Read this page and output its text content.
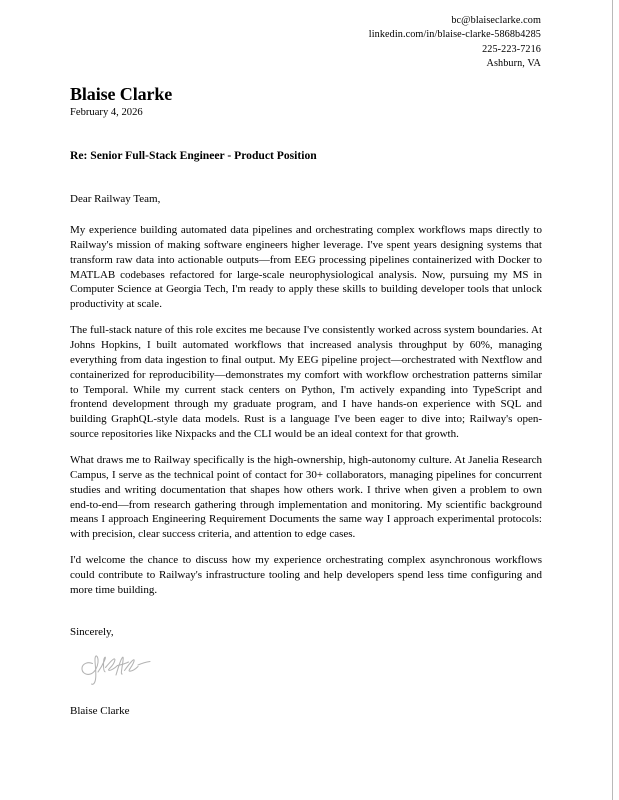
bc@blaiseclarke.com
linkedin.com/in/blaise-clarke-5868b4285
225-223-7216
Ashburn, VA
Blaise Clarke
February 4, 2026
Re: Senior Full-Stack Engineer - Product Position
Dear Railway Team,

My experience building automated data pipelines and orchestrating complex workflows maps directly to Railway's mission of making software engineers higher leverage. I've spent years designing systems that transform raw data into actionable outputs—from EEG processing pipelines containerized with Docker to MATLAB codebases refactored for large-scale neurophysiological analysis. Now, pursuing my MS in Computer Science at Georgia Tech, I'm ready to apply these skills to building developer tools that unlock productivity at scale.

The full-stack nature of this role excites me because I've consistently worked across system boundaries. At Johns Hopkins, I built automated workflows that increased analysis throughput by 60%, managing everything from data ingestion to final output. My EEG pipeline project—orchestrated with Nextflow and containerized for reproducibility—demonstrates my comfort with workflow orchestration patterns similar to Temporal. While my current stack centers on Python, I'm actively expanding into TypeScript and frontend development through my graduate program, and I have hands-on experience with SQL and building GraphQL-style data models. Rust is a language I've been eager to dive into; Railway's open-source repositories like Nixpacks and the CLI would be an ideal context for that growth.

What draws me to Railway specifically is the high-ownership, high-autonomy culture. At Janelia Research Campus, I serve as the technical point of contact for 30+ collaborators, managing pipelines for concurrent studies and writing documentation that shapes how others work. I thrive when given a problem to own end-to-end—from research gathering through implementation and monitoring. My scientific background means I approach Engineering Requirement Documents the same way I approach experimental protocols: with precision, clear success criteria, and attention to edge cases.

I'd welcome the chance to discuss how my experience orchestrating complex asynchronous workflows could contribute to Railway's infrastructure tooling and help developers spend less time configuring and more time building.

Sincerely,
Blaise Clarke
